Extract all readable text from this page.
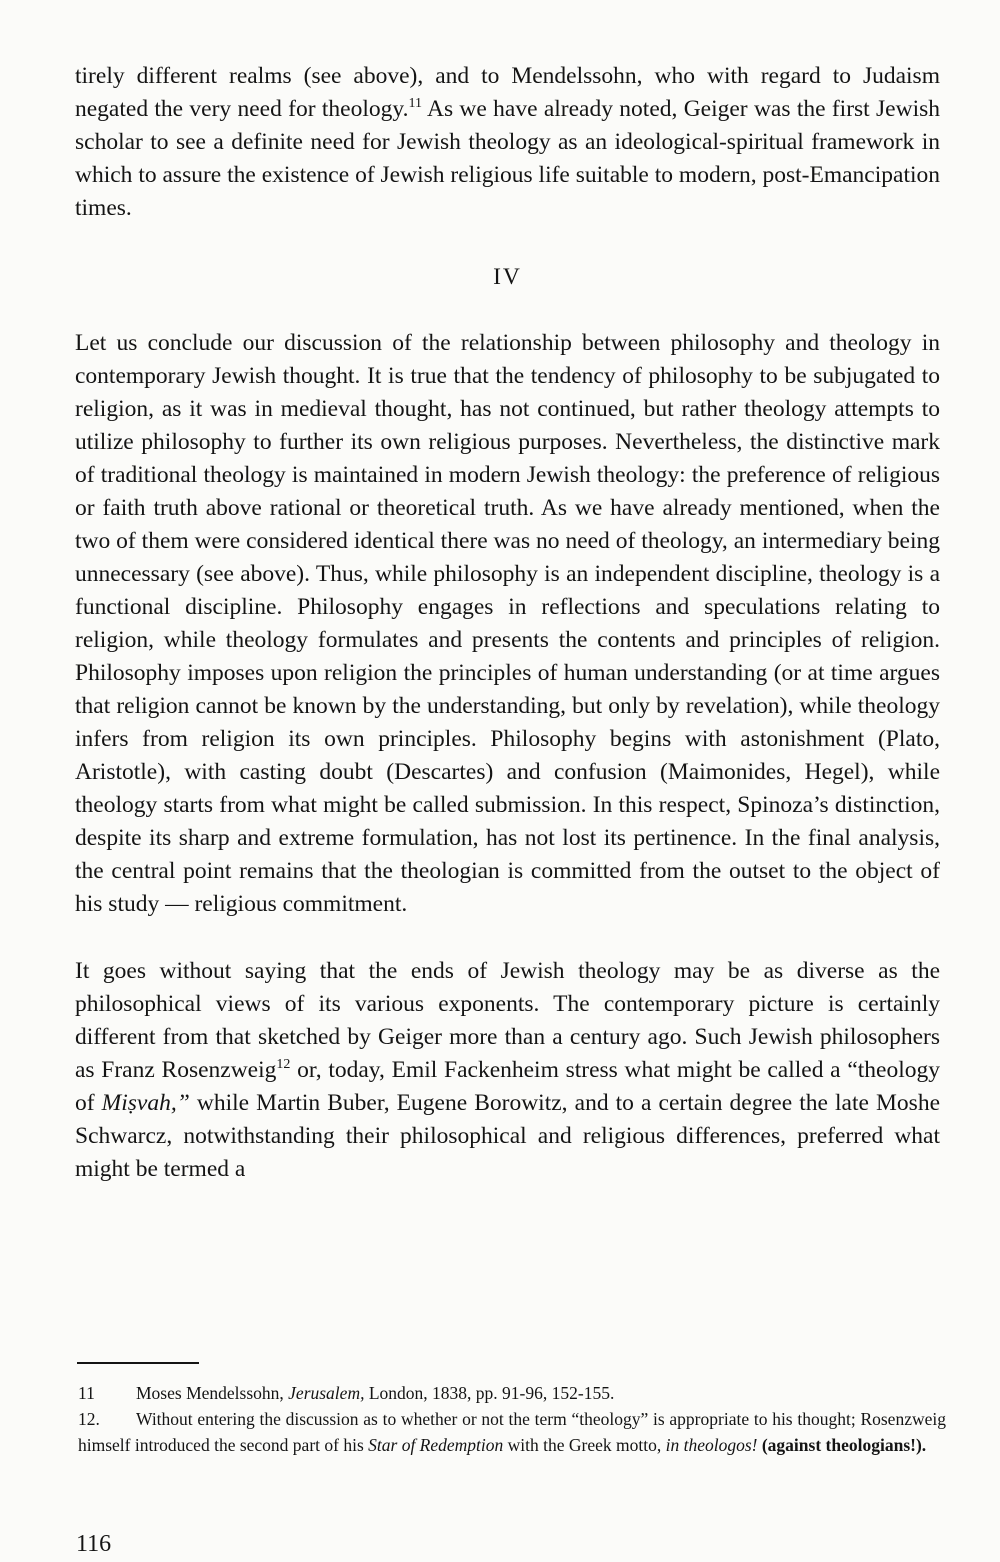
tirely different realms (see above), and to Mendelssohn, who with regard to Judaism negated the very need for theology.$^{11}$ As we have already noted, Geiger was the first Jewish scholar to see a definite need for Jewish theology as an ideological-spiritual framework in which to assure the existence of Jewish religious life suitable to modern, post-Emancipation times.

IV

Let us conclude our discussion of the relationship between philosophy and theology in contemporary Jewish thought. It is true that the tendency of philosophy to be subjugated to religion, as it was in medieval thought, has not continued, but rather theology attempts to utilize philosophy to further its own religious purposes. Nevertheless, the distinctive mark of traditional theology is maintained in modern Jewish theology: the preference of religious or faith truth above rational or theoretical truth. As we have already mentioned, when the two of them were considered identical there was no need of theology, an intermediary being unnecessary (see above). Thus, while philosophy is an independent discipline, theology is a functional discipline. Philosophy engages in reflections and speculations relating to religion, while theology formulates and presents the contents and principles of religion. Philosophy imposes upon religion the principles of human understanding (or at time argues that religion cannot be known by the understanding, but only by revelation), while theology infers from religion its own principles. Philosophy begins with astonishment (Plato, Aristotle), with casting doubt (Descartes) and confusion (Maimonides, Hegel), while theology starts from what might be called submission. In this respect, Spinoza’s distinction, despite its sharp and extreme formulation, has not lost its pertinence. In the final analysis, the central point remains that the theologian is committed from the outset to the object of his study — religious commitment.

It goes without saying that the ends of Jewish theology may be as diverse as the philosophical views of its various exponents. The contemporary picture is certainly different from that sketched by Geiger more than a century ago. Such Jewish philosophers as Franz Rosenzweig$^{12}$ or, today, Emil Fackenheim stress what might be called a “theology of Miṣvah,” while Martin Buber, Eugene Borowitz, and to a certain degree the late Moshe Schwarcz, notwithstanding their philosophical and religious differences, preferred what might be termed a

11 Moses Mendelssohn, Jerusalem, London, 1838, pp. 91-96, 152-155.

12. Without entering the discussion as to whether or not the term “theology” is appropriate to his thought; Rosenzweig himself introduced the second part of his Star of Redemption with the Greek motto, in theologos! (against theologians!).

116
